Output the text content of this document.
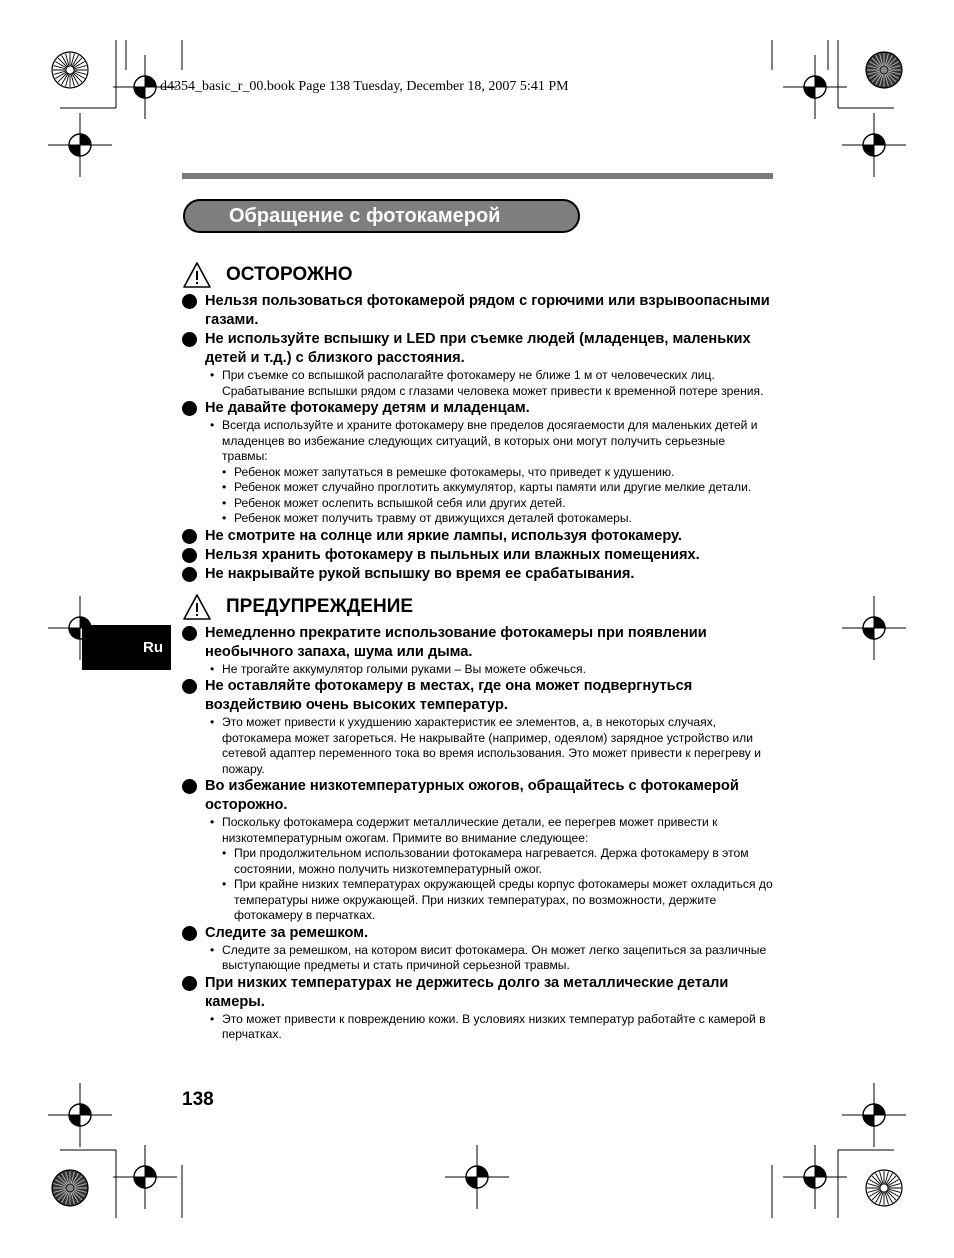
d4354_basic_r_00.book Page 138 Tuesday, December 18, 2007 5:41 PM
Обращение с фотокамерой
Ru
ОСТОРОЖНО
Нельзя пользоваться фотокамерой рядом с горючими или взрывоопасными газами.
Не используйте вспышку и LED при съемке людей (младенцев, маленьких детей и т.д.) с близкого расстояния.
• При съемке со вспышкой располагайте фотокамеру не ближе 1 м от человеческих лиц. Срабатывание вспышки рядом с глазами человека может привести к временной потере зрения.
Не давайте фотокамеру детям и младенцам.
• Всегда используйте и храните фотокамеру вне пределов досягаемости для маленьких детей и младенцев во избежание следующих ситуаций, в которых они могут получить серьезные травмы:
• Ребенок может запутаться в ремешке фотокамеры, что приведет к удушению.
• Ребенок может случайно проглотить аккумулятор, карты памяти или другие мелкие детали.
• Ребенок может ослепить вспышкой себя или других детей.
• Ребенок может получить травму от движущихся деталей фотокамеры.
Не смотрите на солнце или яркие лампы, используя фотокамеру.
Нельзя хранить фотокамеру в пыльных или влажных помещениях.
Не накрывайте рукой вспышку во время ее срабатывания.
ПРЕДУПРЕЖДЕНИЕ
Немедленно прекратите использование фотокамеры при появлении необычного запаха, шума или дыма.
• Не трогайте аккумулятор голыми руками – Вы можете обжечься.
Не оставляйте фотокамеру в местах, где она может подвергнуться воздействию очень высоких температур.
• Это может привести к ухудшению характеристик ее элементов, а, в некоторых случаях, фотокамера может загореться. Не накрывайте (например, одеялом) зарядное устройство или сетевой адаптер переменного тока во время использования. Это может привести к перегреву и пожару.
Во избежание низкотемпературных ожогов, обращайтесь с фотокамерой осторожно.
• Поскольку фотокамера содержит металлические детали, ее перегрев может привести к низкотемпературным ожогам. Примите во внимание следующее:
• При продолжительном использовании фотокамера нагревается. Держа фотокамеру в этом состоянии, можно получить низкотемпературный ожог.
• При крайне низких температурах окружающей среды корпус фотокамеры может охладиться до температуры ниже окружающей. При низких температурах, по возможности, держите фотокамеру в перчатках.
Следите за ремешком.
• Следите за ремешком, на котором висит фотокамера. Он может легко зацепиться за различные выступающие предметы и стать причиной серьезной травмы.
При низких температурах не держитесь долго за металлические детали камеры.
• Это может привести к повреждению кожи. В условиях низких температур работайте с камерой в перчатках.
138
